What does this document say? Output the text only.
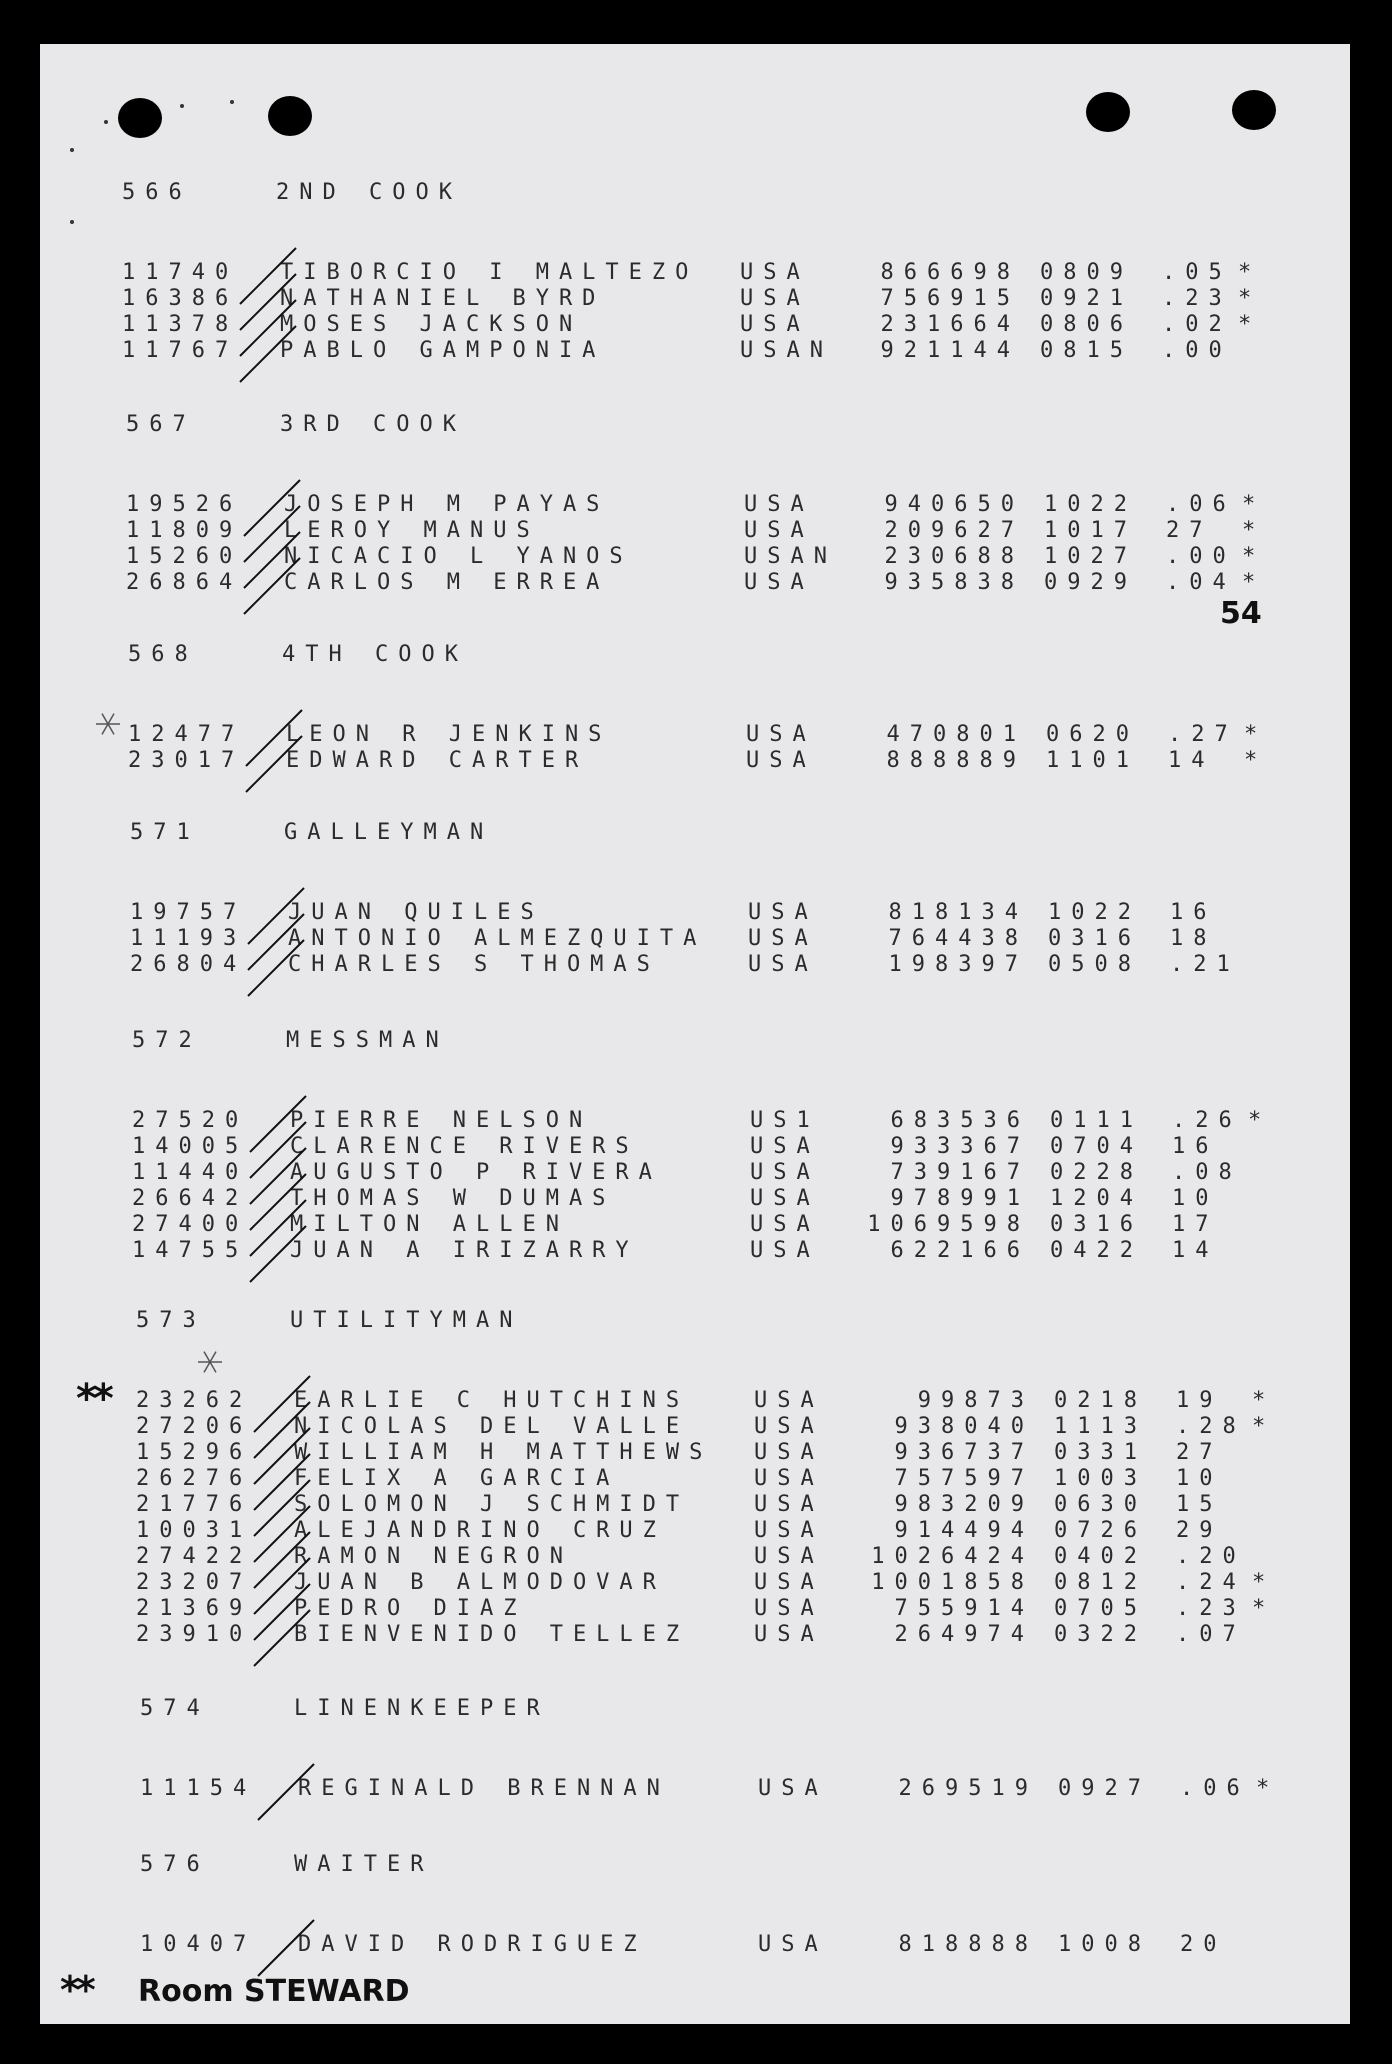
566	2ND COOK
11740 TIBORCIO I MALTEZO USA	866698 0809 .05 *
16386 NATHANIEL BYRD	USA	756915 0921 .23 *
11378 MOSES JACKSON	USA	231664 0806 .02 *
11767 PABLO GAMPONIA	USAN 921144 0815 .00
567	3RD COOK
19526 JOSEPH M PAYAS	USA	940650 1022 .06 *
11809 LEROY MANUS	USA	209627 1017 27 *
15260 NICACIO L YANOS	USAN 230688 1027 .00 *
26864 CARLOS M ERREA	USA	935838 0929 .04 *
568	4TH COOK
12477 LEON R JENKINS	USA	470801 0620 .27 *
23017 EDWARD CARTER	USA	888889 1101 14 *
571	GALLEYMAN
19757 JUAN QUILES	USA	818134 1022 16
11193 ANTONIO ALMEZQUITA USA	764438 0316 18
26804 CHARLES S THOMAS	USA	198397 0508 .21
572	MESSMAN
27520 PIERRE NELSON	US1	683536 0111 .26 *
14005 CLARENCE RIVERS	USA	933367 0704 16
11440 AUGUSTO P RIVERA	USA	739167 0228 .08
26642 THOMAS W DUMAS	USA	978991 1204 10
27400 MILTON ALLEN	USA 1069598 0316 17
14755 JUAN A IRIZARRY	USA	622166 0422 14
573	UTILITYMAN
23262 EARLIE C HUTCHINS	USA	99873 0218 19 *
27206 NICOLAS DEL VALLE	USA	938040 1113 .28 *
15296 WILLIAM H MATTHEWS USA	936737 0331 27
26276 FELIX A GARCIA	USA	757597 1003 10
21776 SOLOMON J SCHMIDT	USA	983209 0630 15
10031 ALEJANDRINO CRUZ	USA	914494 0726 29
27422 RAMON NEGRON	USA 1026424 0402 .20
23207 JUAN B ALMODOVAR	USA 1001858 0812 .24 *
21369 PEDRO DIAZ	USA	755914 0705 .23 *
23910 BIENVENIDO TELLEZ	USA	264974 0322 .07
574	LINENKEEPER
11154 REGINALD BRENNAN	USA	269519 0927 .06 *
576	WAITER
10407 DAVID RODRIGUEZ	USA	818888 1008 20
54
**
** Room STEWARD
